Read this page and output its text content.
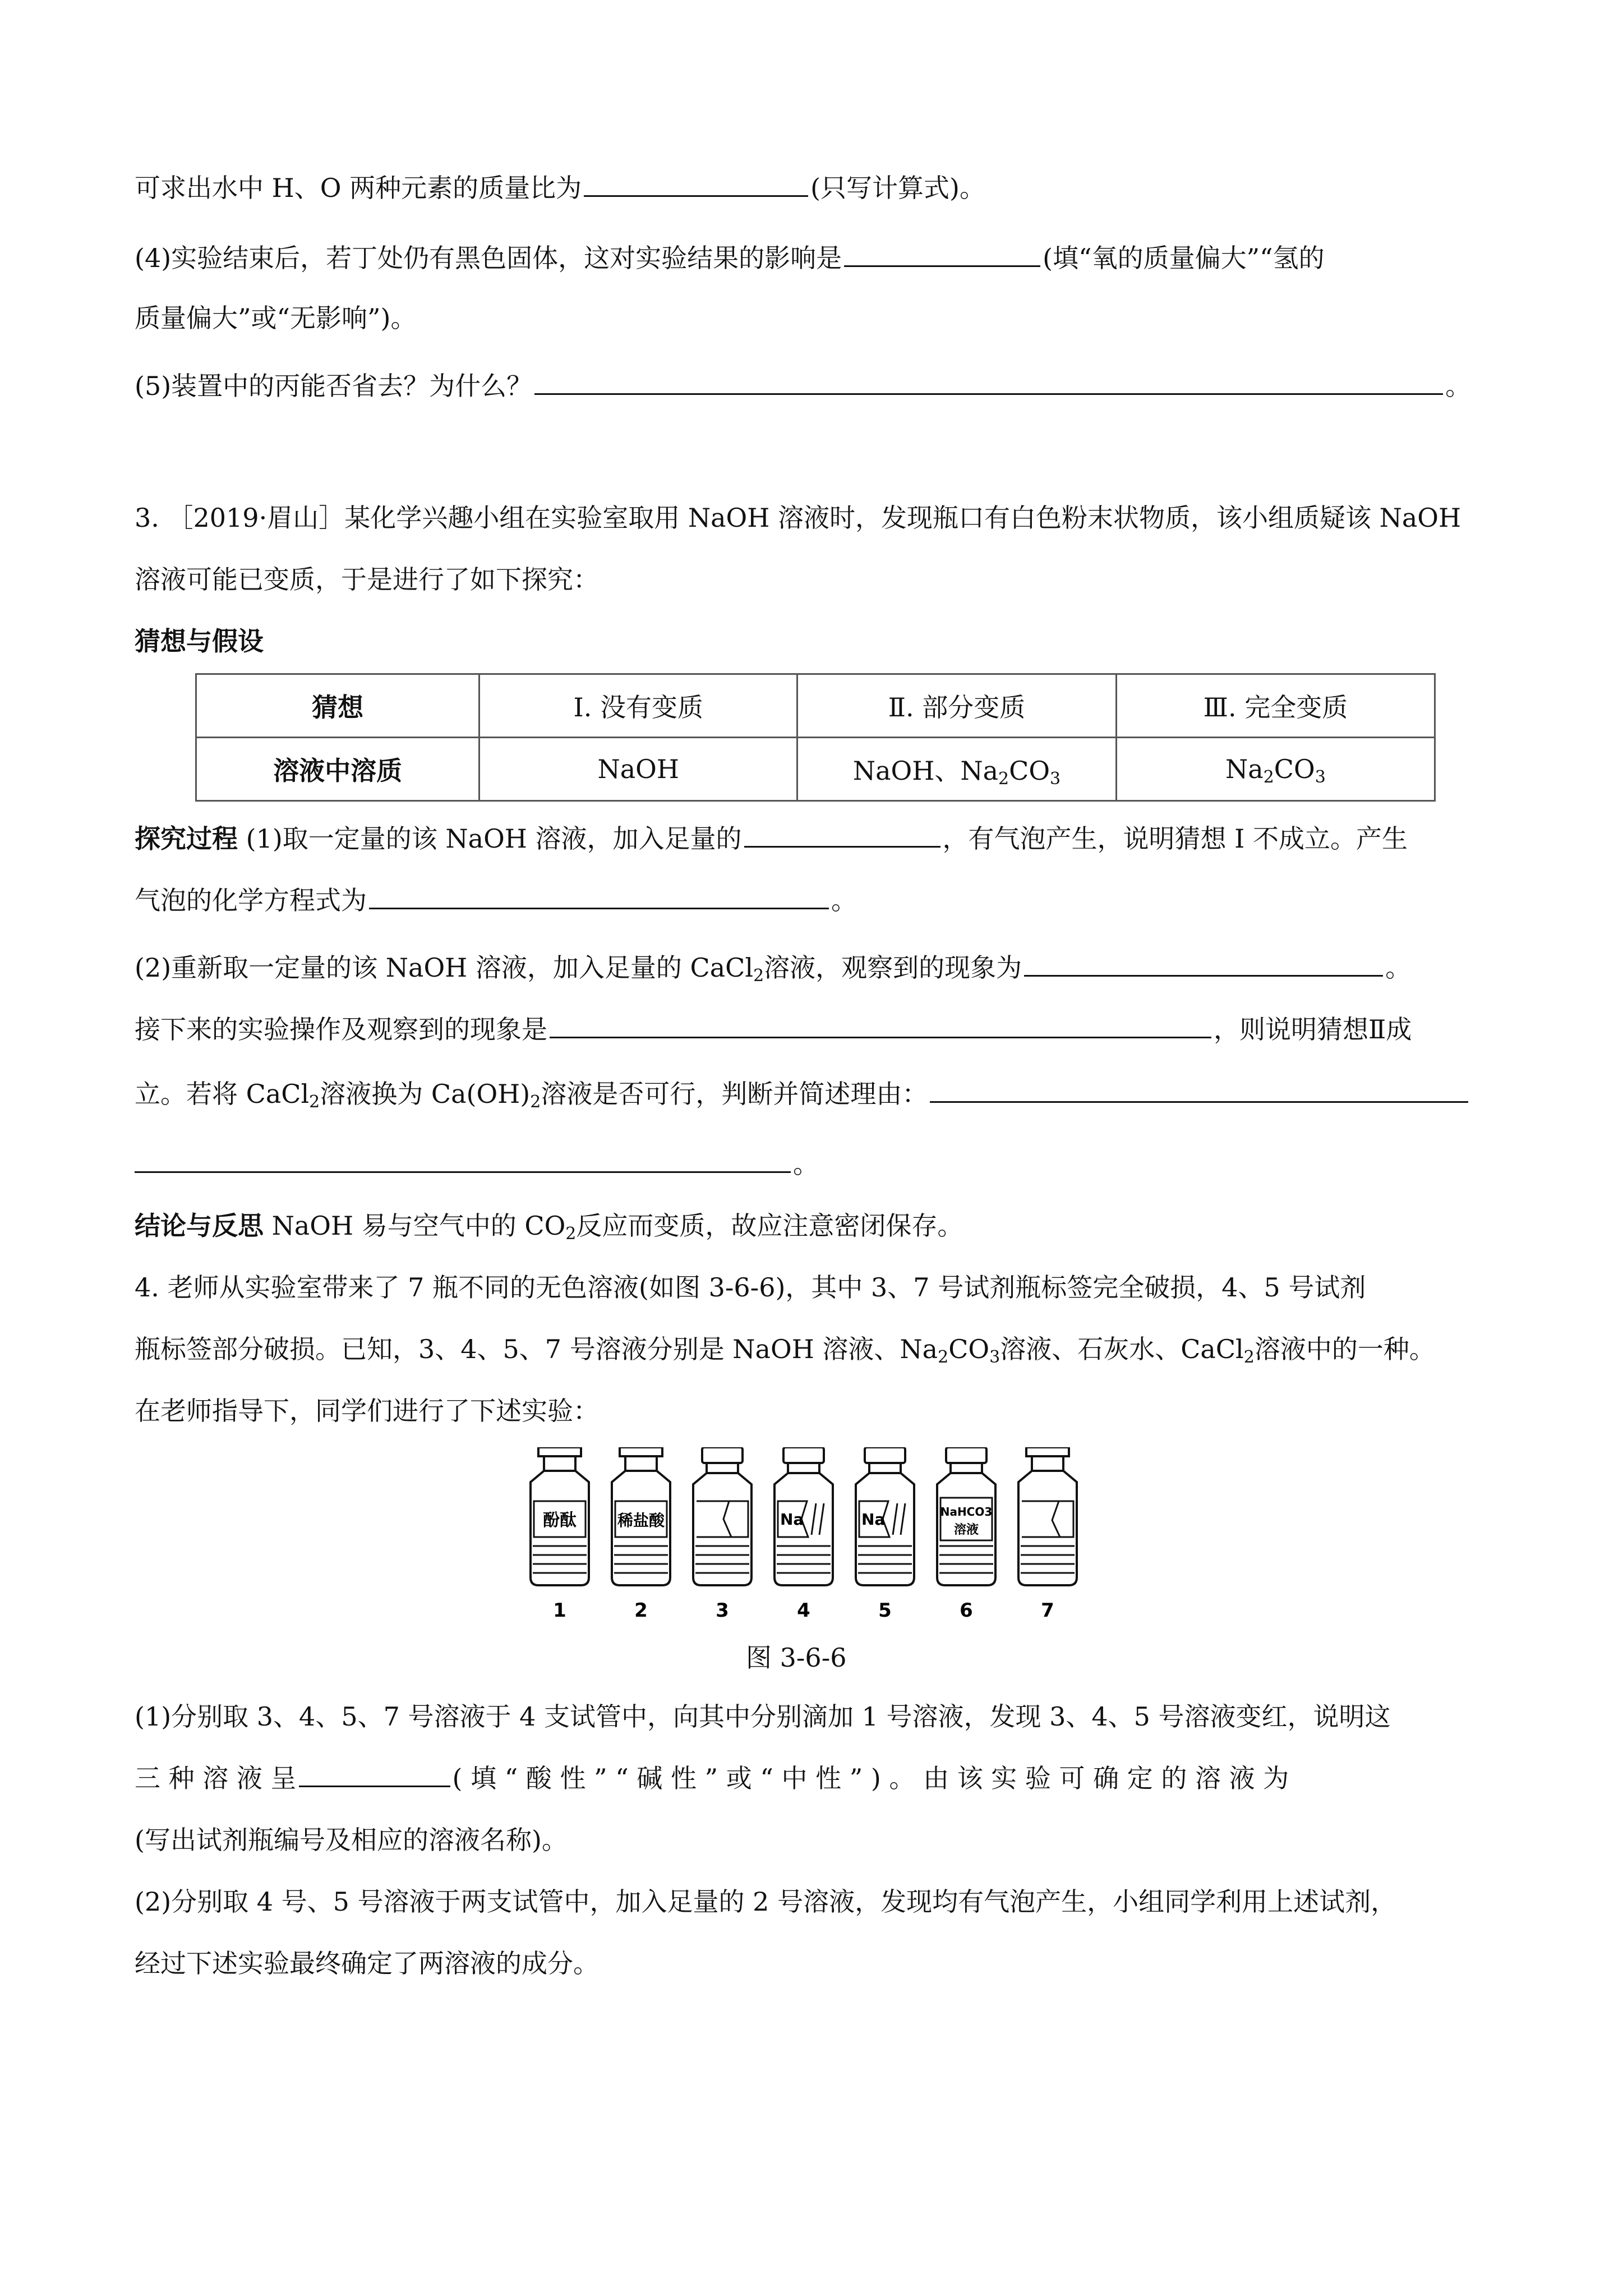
可求出水中 H、O 两种元素的质量比为	(只写计算式)。
(4)实验结束后，若丁处仍有黑色固体，这对实验结果的影响是	(填“氧的质量偏大”“氢的
质量偏大”或“无影响”)。
(5)装置中的丙能否省去？为什么？	。
3. ［2019·眉山］某化学兴趣小组在实验室取用 NaOH 溶液时，发现瓶口有白色粉末状物质，该小组质疑该 NaOH
溶液可能已变质，于是进行了如下探究：
猜想与假设
猜想	Ⅰ. 没有变质	Ⅱ. 部分变质	Ⅲ. 完全变质
溶液中溶质	NaOH	NaOH、$Na_2CO_3$	$Na_2CO_3$
探究过程 (1)取一定量的该 NaOH 溶液，加入足量的	，有气泡产生，说明猜想 I 不成立。产生
气泡的化学方程式为	。
(2)重新取一定量的该 NaOH 溶液，加入足量的 CaCl$_2$溶液，观察到的现象为	。
接下来的实验操作及观察到的现象是	，则说明猜想Ⅱ成
立。若将 CaCl$_2$溶液换为 $Ca(OH)_2$溶液是否可行，判断并简述理由：
。
结论与反思 NaOH 易与空气中的 $CO_2$反应而变质，故应注意密闭保存。
4. 老师从实验室带来了 7 瓶不同的无色溶液(如图 3-6-6)，其中 3、7 号试剂瓶标签完全破损，4、5 号试剂
瓶标签部分破损。已知，3、4、5、7 号溶液分别是 NaOH 溶液、$Na_2CO_3$溶液、石灰水、CaCl$_2$溶液中的一种。
在老师指导下，同学们进行了下述实验：
酚酞	稀盐酸	Na	Na	NaHCO3
溶液
1	2	3	4	5	6	7
图 3-6-6
(1)分别取 3、4、5、7 号溶液于 4 支试管中，向其中分别滴加 1 号溶液，发现 3、4、5 号溶液变红，说明这
三 种 溶 液 呈	( 填 “ 酸 性 ” “ 碱 性 ” 或 “ 中 性 ” ) 。 由 该 实 验 可 确 定 的 溶 液 为
(写出试剂瓶编号及相应的溶液名称)。
(2)分别取 4 号、5 号溶液于两支试管中，加入足量的 2 号溶液，发现均有气泡产生，小组同学利用上述试剂，
经过下述实验最终确定了两溶液的成分。
